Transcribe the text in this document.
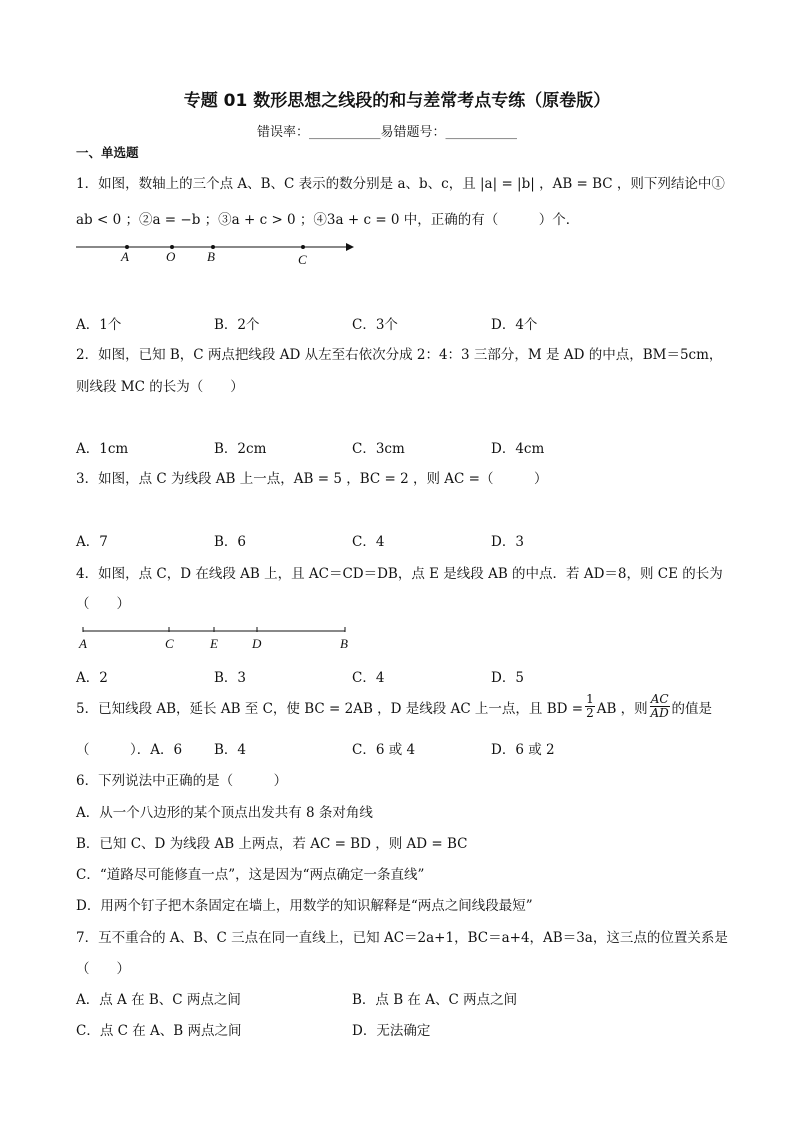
专题 01 数形思想之线段的和与差常考点专练（原卷版）
错误率：___________易错题号：___________
一、单选题
1．如图，数轴上的三个点 A、B、C 表示的数分别是 a、b、c，且 |a| = |b| ，AB = BC ，则下列结论中①
ab < 0 ；②a = −b ；③a + c > 0 ；④3a + c = 0 中，正确的有（　　　）个．
A	O B	C
A．1个	B．2个	C．3个	D．4个
2．如图，已知 B，C 两点把线段 AD 从左至右依次分成 2：4：3 三部分，M 是 AD 的中点，BM＝5cm，
则线段 MC 的长为（　　）
A．1cm	B．2cm	C．3cm	D．4cm
3．如图，点 C 为线段 AB 上一点，AB = 5 ，BC = 2 ，则 AC =（　　　）
A．7	B．6	C．4	D．3
4．如图，点 C，D 在线段 AB 上，且 AC＝CD＝DB，点 E 是线段 AB 的中点．若 AD＝8，则 CE 的长为
（　　）
A	C	E	D	B
A．2	B．3	C．4	D．5
5．已知线段 AB，延长 AB 至 C，使 BC = 2AB ，D 是线段 AC 上一点，且 BD = $\frac{1}{2}$ AB ，则 $\frac{AC}{AD}$ 的值是
（　　　）．A．6 B．4	C．6 或 4	D．6 或 2
6．下列说法中正确的是（　　　）
A．从一个八边形的某个顶点出发共有 8 条对角线
B．已知 C、D 为线段 AB 上两点，若 AC = BD ，则 AD = BC
C．“道路尽可能修直一点”，这是因为“两点确定一条直线”
D．用两个钉子把木条固定在墙上，用数学的知识解释是“两点之间线段最短”
7．互不重合的 A、B、C 三点在同一直线上，已知 AC＝2a+1，BC＝a+4，AB＝3a，这三点的位置关系是
（　　）
A．点 A 在 B、C 两点之间	B．点 B 在 A、C 两点之间
C．点 C 在 A、B 两点之间	D．无法确定
